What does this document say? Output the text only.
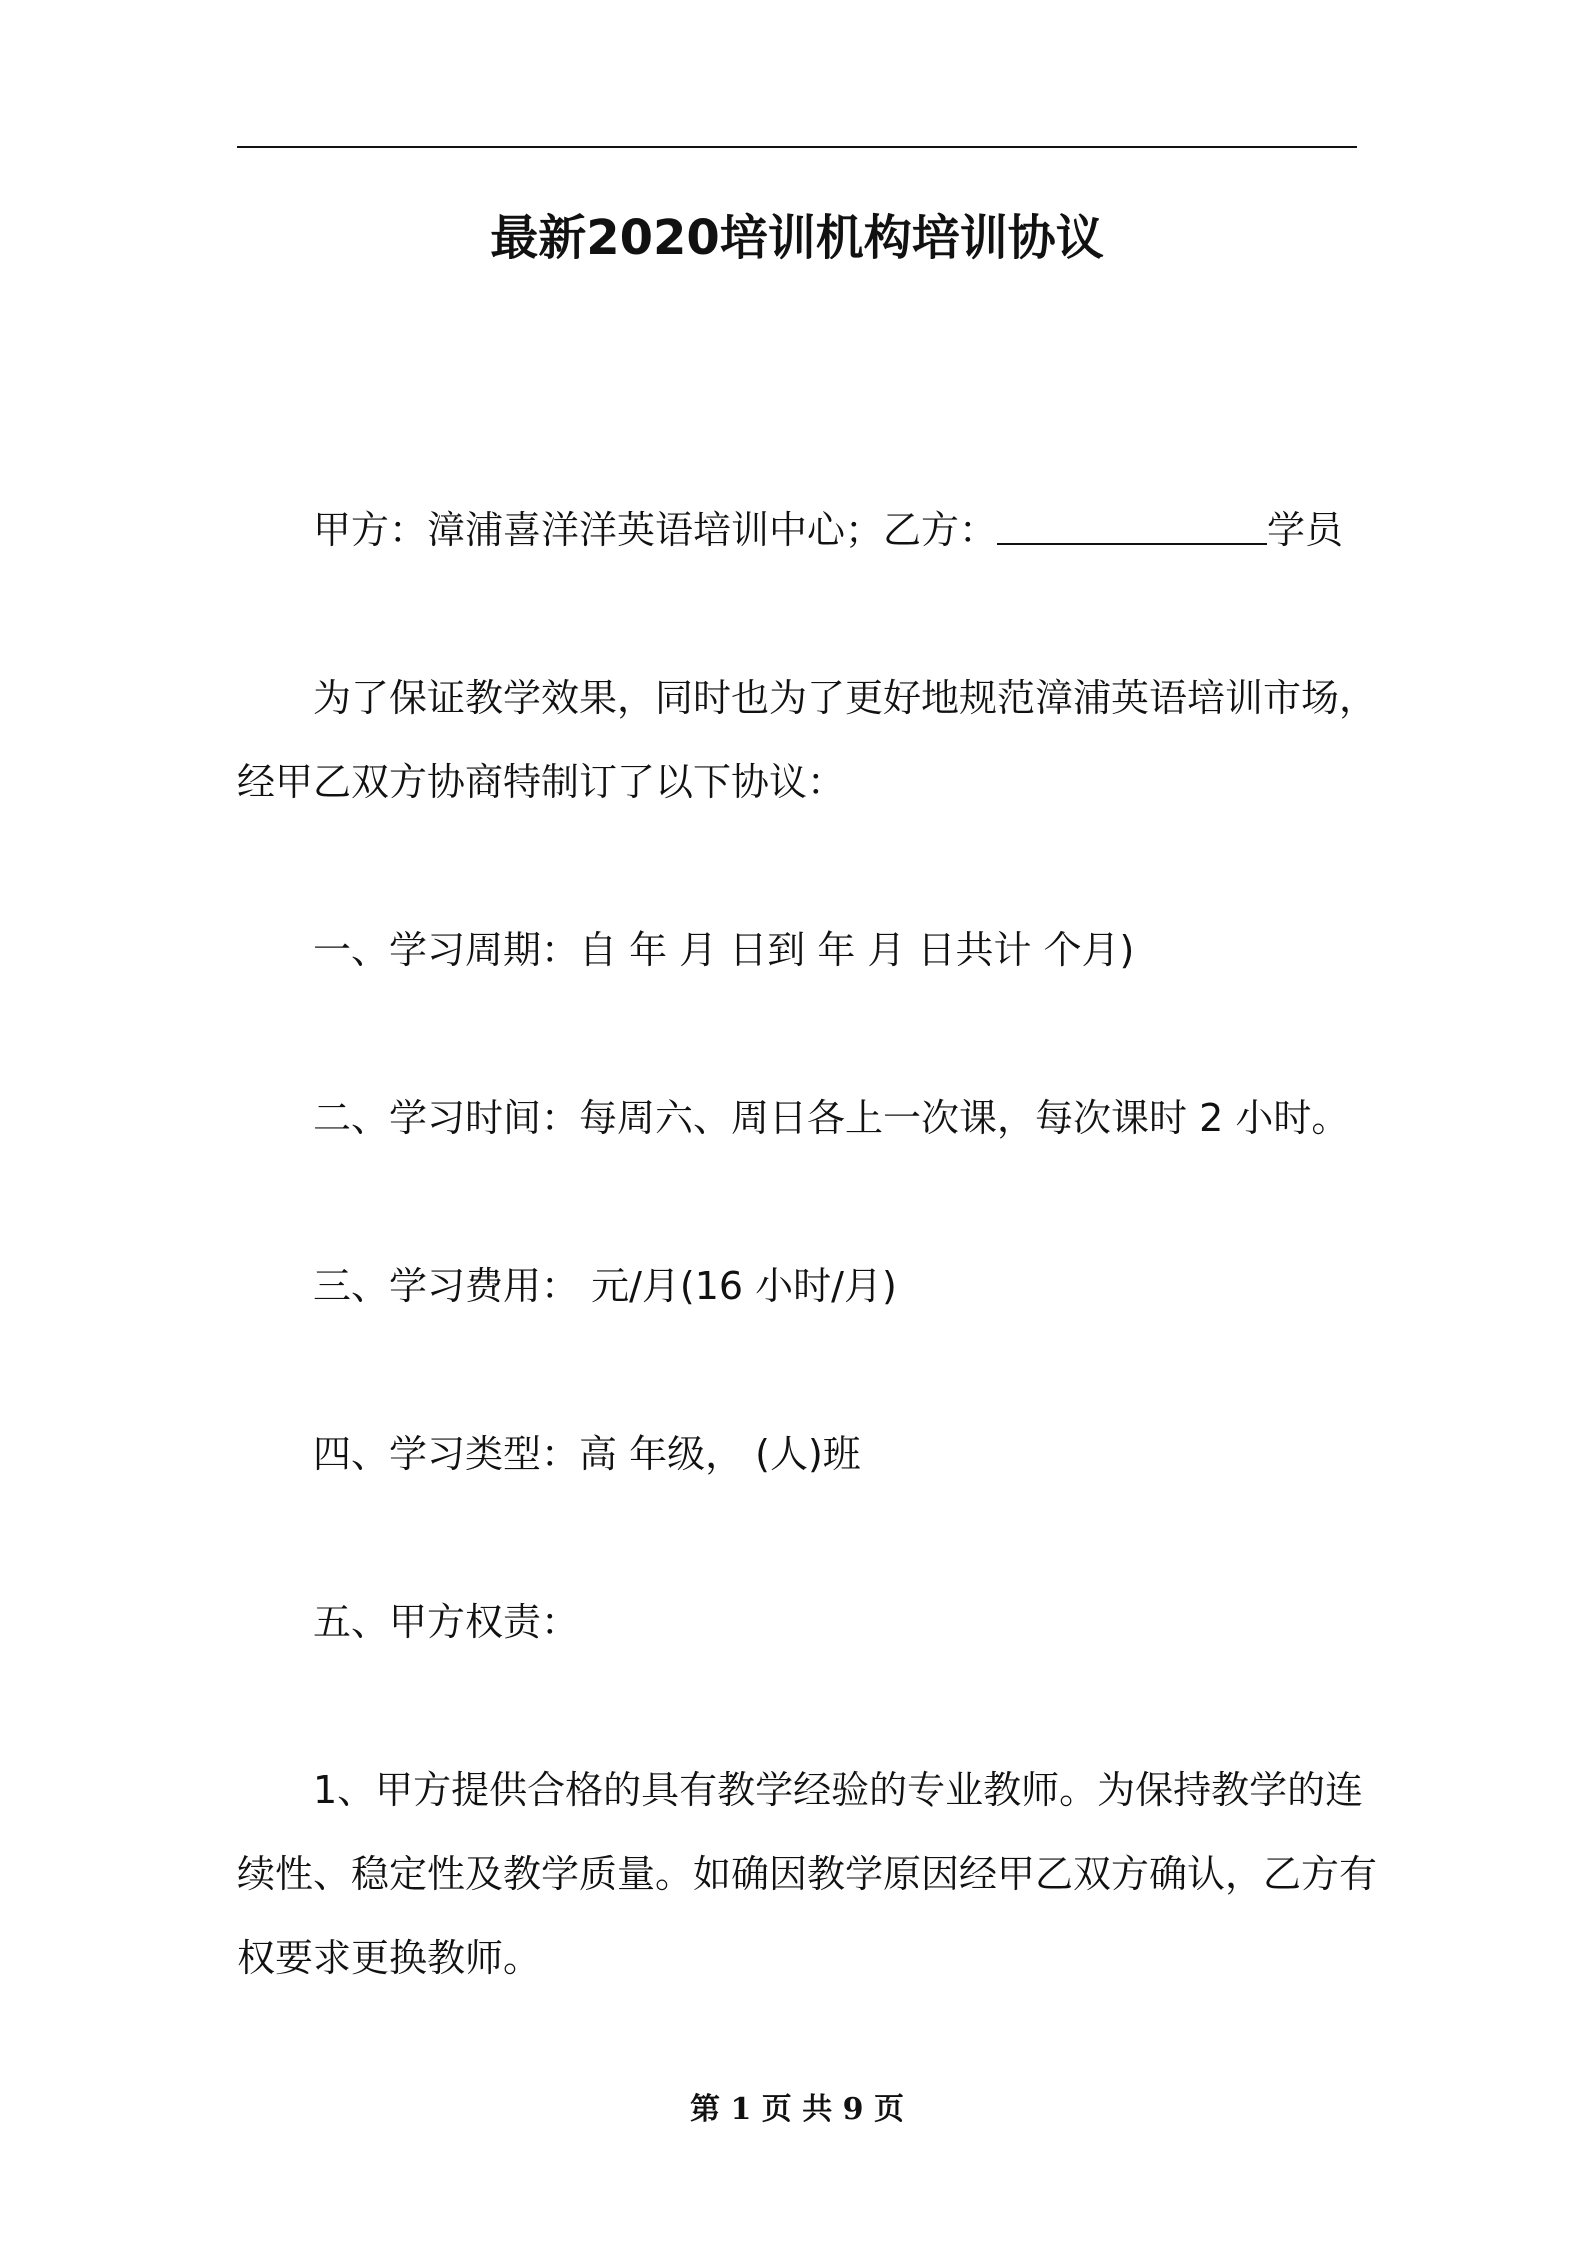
最新2020培训机构培训协议

甲方：漳浦喜洋洋英语培训中心；乙方：	学员

为了保证教学效果，同时也为了更好地规范漳浦英语培训市场，

经甲乙双方协商特制订了以下协议：

一、学习周期：自 年 月 日到 年 月 日共计 个月)

二、学习时间：每周六、周日各上一次课，每次课时 2 小时。

三、学习费用： 元/月(16 小时/月)

四、学习类型：高 年级， (人)班

五、甲方权责：

1、甲方提供合格的具有教学经验的专业教师。为保持教学的连

续性、稳定性及教学质量。如确因教学原因经甲乙双方确认，乙方有

权要求更换教师。

第 1 页 共 9 页
